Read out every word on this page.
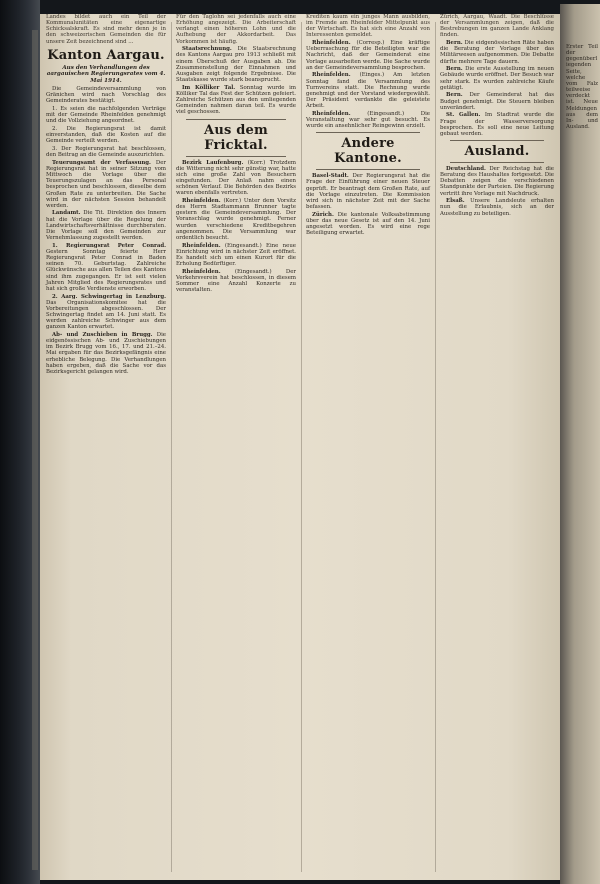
Landes bildet auch ein Teil der Kommunalunitäten eine eigenartige Schicksalskraft. Es sind mehr denn je in den schweizerischen Gemeinden die für unsere Zeit bezeichnend sind ...

Kanton Aargau.
Aus den Verhandlungen des aargauischen Regierungsrates vom 4. Mai 1914.

Die Gemeindeversammlung von Gränichen wird nach Vorschlag des Gemeinderates bestätigt.

1. Es seien die nachfolgenden Verträge mit der Gemeinde Rheinfelden genehmigt und die Vollziehung angeordnet.

2. Die Regierungsrat ist damit einverstanden, daß die Kosten auf die Gemeinde verteilt werden.

3. Der Regierungsrat hat beschlossen, den Beitrag an die Gemeinde auszurichten.

Teuerungsamt der Verfassung. Der Regierungsrat hat in seiner Sitzung vom Mittwoch die Vorlage über die Teuerungszulagen an das Personal besprochen und beschlossen, dieselbe dem Großen Rate zu unterbreiten. Die Sache wird in der nächsten Session behandelt werden.

Landamt. Die Tit. Direktion des Innern hat die Vorlage über die Regelung der Landwirtschaftsverhältnisse durchberaten. Die Vorlage soll den Gemeinden zur Vernehmlassung zugestellt werden.

1. Regierungsrat Peter Conrad. Gestern Sonntag feierte Herr Regierungsrat Peter Conrad in Baden seinen 70. Geburtstag. Zahlreiche Glückwünsche aus allen Teilen des Kantons sind ihm zugegangen. Er ist seit vielen Jahren Mitglied des Regierungsrates und hat sich große Verdienste erworben.

2. Aarg. Schwingertag in Lenzburg. Das Organisationskomitee hat die Vorbereitungen abgeschlossen. Der Schwingertag findet am 14. Juni statt. Es werden zahlreiche Schwinger aus dem ganzen Kanton erwartet.

Ab- und Zuschieben in Brugg. Die eidgenössischen Ab- und Zuschiebungen im Bezirk Brugg vom 16., 17. und 21.–24. Mai ergaben für das Bezirksgefängnis eine erhebliche Belegung. Die Verhandlungen haben ergeben, daß die Sache vor das Bezirksgericht gelangen wird.

Für den Taglohn sei jedenfalls auch eine Erhöhung angezeigt. Die Arbeiterschaft verlangt einen höheren Lohn und die Aufhebung der Akkordarbeit. Das Vorkommen ist häufig.

Staatsrechnung. Die Staatsrechnung des Kantons Aargau pro 1913 schließt mit einem Überschuß der Ausgaben ab. Die Zusammenstellung der Einnahmen und Ausgaben zeigt folgende Ergebnisse. Die Staatskasse wurde stark beansprucht.

Im Kölliker Tal. Sonntag wurde im Kölliker Tal das Fest der Schützen gefeiert. Zahlreiche Schützen aus den umliegenden Gemeinden nahmen daran teil. Es wurde viel geschossen.

Aus dem Fricktal.

Bezirk Laufenburg. (Korr.) Trotzdem die Witterung nicht sehr günstig war, hatte sich eine große Zahl von Besuchern eingefunden. Der Anlaß nahm einen schönen Verlauf. Die Behörden des Bezirks waren ebenfalls vertreten.

Rheinfelden. (Korr.) Unter dem Vorsitz des Herrn Stadtammann Brunner tagte gestern die Gemeindeversammlung. Der Voranschlag wurde genehmigt. Ferner wurden verschiedene Kreditbegehren angenommen. Die Versammlung war ordentlich besucht.

Rheinfelden. (Eingesandt.) Eine neue Einrichtung wird in nächster Zeit eröffnet. Es handelt sich um einen Kurort für die Erholung Bedürftiger.

Rheinfelden.	(Eingesandt.) Der Verkehrsverein hat beschlossen, in diesem Sommer eine Anzahl Konzerte zu veranstalten.

Krediten kaum ein junges Mann ausbilden, im Fremde am Rheinfelder Mittelpunkt aus der Wirtschaft. Es hat sich eine Anzahl von Interessenten gemeldet.

Rheinfelden. (Corresp.) Eine kräftige Ueberraschung für die Beteiligten war die Nachricht, daß der Gemeinderat eine Vorlage ausarbeiten werde. Die Sache wurde an der Gemeindeversammlung besprochen.

Rheinfelden. (Einges.) Am letzten Sonntag fand die Versammlung des Turnvereins statt. Die Rechnung wurde genehmigt und der Vorstand wiedergewählt. Der Präsident verdankte die geleistete Arbeit.

Rheinfelden.	(Eingesandt.) Die Veranstaltung war sehr gut besucht. Es wurde ein ansehnlicher Reingewinn erzielt.

Andere Kantone.

Basel-Stadt. Der Regierungsrat hat die Frage der Einführung einer neuen Steuer geprüft. Er beantragt dem Großen Rate, auf die Vorlage einzutreten. Die Kommission wird sich in nächster Zeit mit der Sache befassen.

Zürich. Die kantonale Volksabstimmung über das neue Gesetz ist auf den 14. Juni angesetzt worden. Es wird eine rege Beteiligung erwartet.

Zürich, Aargau, Waadt. Die Beschlüsse der Versammlungen zeigen, daß die Bestrebungen im ganzen Lande Anklang finden.

Bern. Die eidgenössischen Räte haben die Beratung der Vorlage über das Militärwesen aufgenommen. Die Debatte dürfte mehrere Tage dauern.

Bern. Die erste Ausstellung im neuen Gebäude wurde eröffnet. Der Besuch war sehr stark. Es wurden zahlreiche Käufe getätigt.

Bern. Der Gemeinderat hat das Budget genehmigt. Die Steuern bleiben unverändert.

St. Gallen. Im Stadtrat wurde die Frage der Wasserversorgung besprochen. Es soll eine neue Leitung gebaut werden.

Ausland.

Deutschland. Der Reichstag hat die Beratung des Haushaltes fortgesetzt. Die Debatten zeigen die verschiedenen Standpunkte der Parteien. Die Regierung vertritt ihre Vorlage mit Nachdruck.

Elsaß. Unsere Landsleute erhalten nun die Erlaubnis, sich an der Ausstellung zu beteiligen.

Erster Teil der gegenüberliegenden Seite, welche vom Falz teilweise verdeckt ist. Neue Meldungen aus dem In- und Ausland.
